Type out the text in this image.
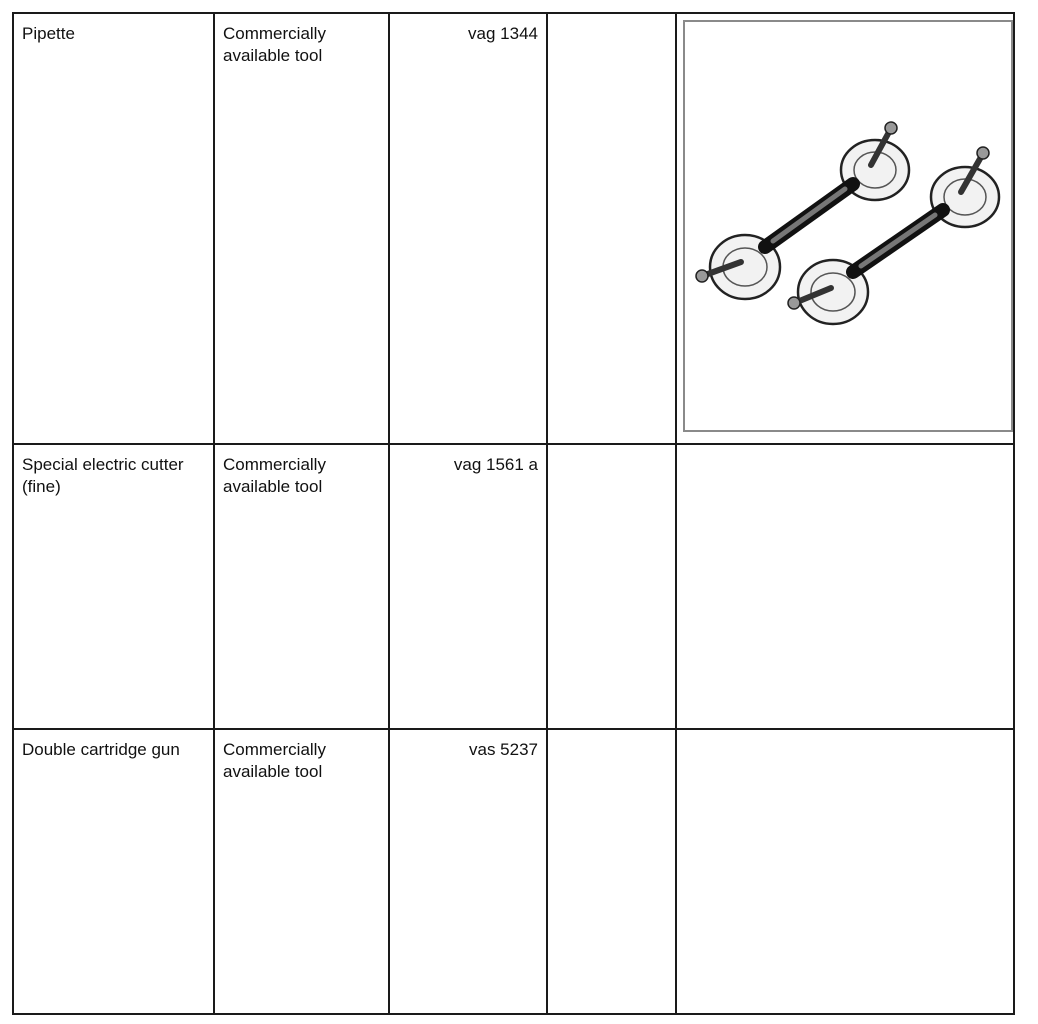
Pipette	Commercially available tool	vag 1344		

Special electric cutter (fine)	Commercially available tool	vag 1561 a		
Double cartridge gun	Commercially available tool	vas 5237		
